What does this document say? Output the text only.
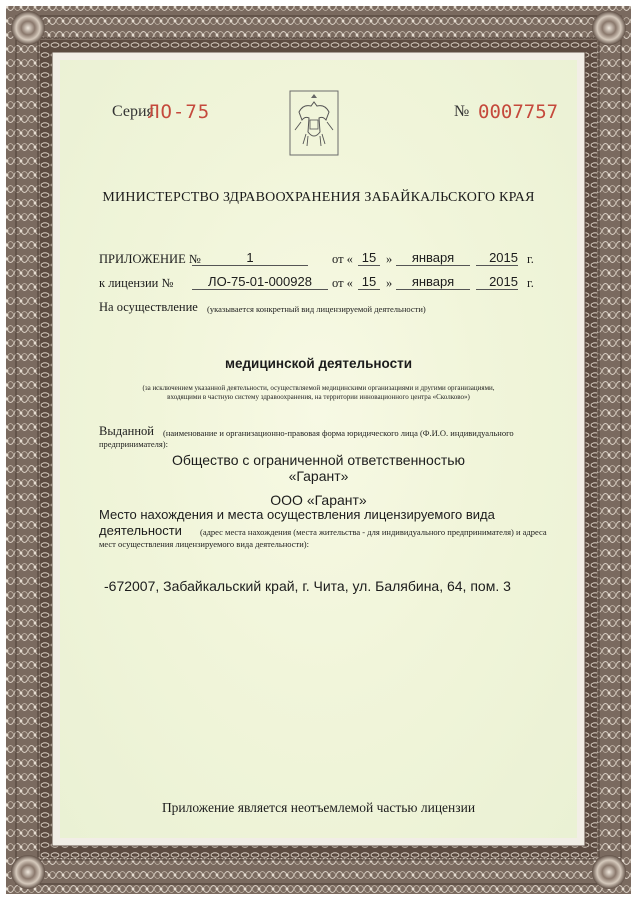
Серия
ЛО-75	№ 0007757
МИНИСТЕРСТВО ЗДРАВООХРАНЕНИЯ ЗАБАЙКАЛЬСКОГО КРАЯ
ПРИЛОЖЕНИЕ №	1	от « 15 »	января	2015 г.
к лицензии №	ЛО-75-01-000928	от « 15 »	января	2015 г.
На осуществление (указывается конкретный вид лицензируемой деятельности)
медицинской деятельности
(за исключением указанной деятельности, осуществляемой медицинскими организациями и другими организациями,
входящими в частную систему здравоохранения, на территории инновационного центра «Сколково»)
Выданной (наименование и организационно-правовая форма юридического лица (Ф.И.О. индивидуального
предпринимателя):
Общество с ограниченной ответственностью
«Гарант»
ООО «Гарант»
Место нахождения и места осуществления лицензируемого вида
деятельности (адрес места нахождения (места жительства - для индивидуального предпринимателя) и адреса
мест осуществления лицензируемого вида деятельности):
-672007, Забайкальский край, г. Чита, ул. Балябина, 64, пом. 3
Приложение является неотъемлемой частью лицензии
